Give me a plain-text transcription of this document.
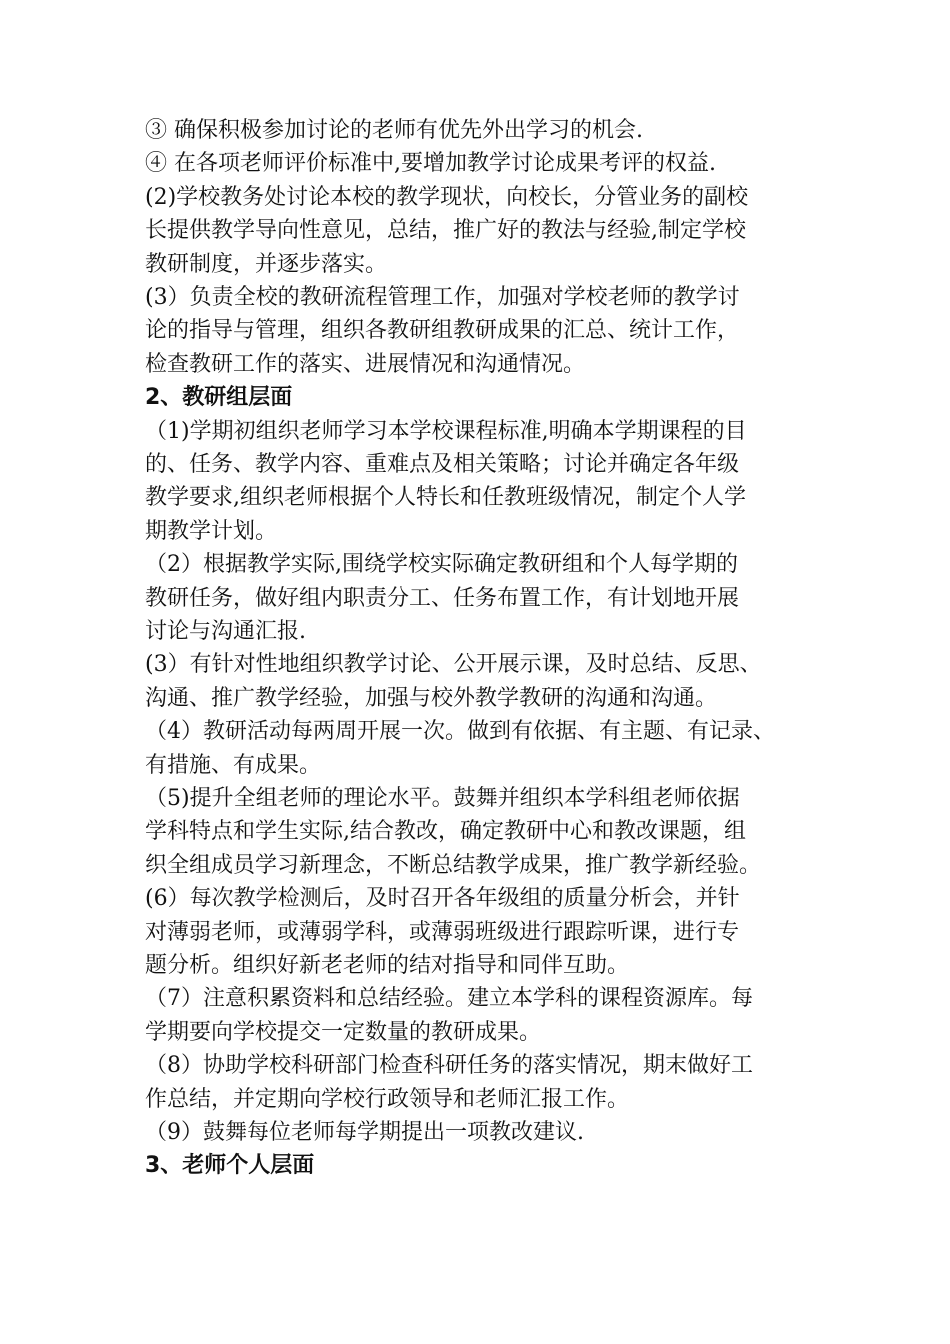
③ 确保积极参加讨论的老师有优先外出学习的机会.
④ 在各项老师评价标准中,要增加教学讨论成果考评的权益.
(2)学校教务处讨论本校的教学现状，向校长，分管业务的副校
长提供教学导向性意见，总结，推广好的教法与经验,制定学校
教研制度，并逐步落实。
(3）负责全校的教研流程管理工作，加强对学校老师的教学讨
论的指导与管理，组织各教研组教研成果的汇总、统计工作，
检查教研工作的落实、进展情况和沟通情况。
2、教研组层面
（1)学期初组织老师学习本学校课程标准,明确本学期课程的目
的、任务、教学内容、重难点及相关策略；讨论并确定各年级
教学要求,组织老师根据个人特长和任教班级情况，制定个人学
期教学计划。
（2）根据教学实际,围绕学校实际确定教研组和个人每学期的
教研任务，做好组内职责分工、任务布置工作，有计划地开展
讨论与沟通汇报.
(3）有针对性地组织教学讨论、公开展示课，及时总结、反思、
沟通、推广教学经验，加强与校外教学教研的沟通和沟通。
（4）教研活动每两周开展一次。做到有依据、有主题、有记录、
有措施、有成果。
（5)提升全组老师的理论水平。鼓舞并组织本学科组老师依据
学科特点和学生实际,结合教改，确定教研中心和教改课题，组
织全组成员学习新理念，不断总结教学成果，推广教学新经验。
(6）每次教学检测后，及时召开各年级组的质量分析会，并针
对薄弱老师，或薄弱学科，或薄弱班级进行跟踪听课，进行专
题分析。组织好新老老师的结对指导和同伴互助。
（7）注意积累资料和总结经验。建立本学科的课程资源库。每
学期要向学校提交一定数量的教研成果。
（8）协助学校科研部门检查科研任务的落实情况，期末做好工
作总结，并定期向学校行政领导和老师汇报工作。
（9）鼓舞每位老师每学期提出一项教改建议.
3、老师个人层面
